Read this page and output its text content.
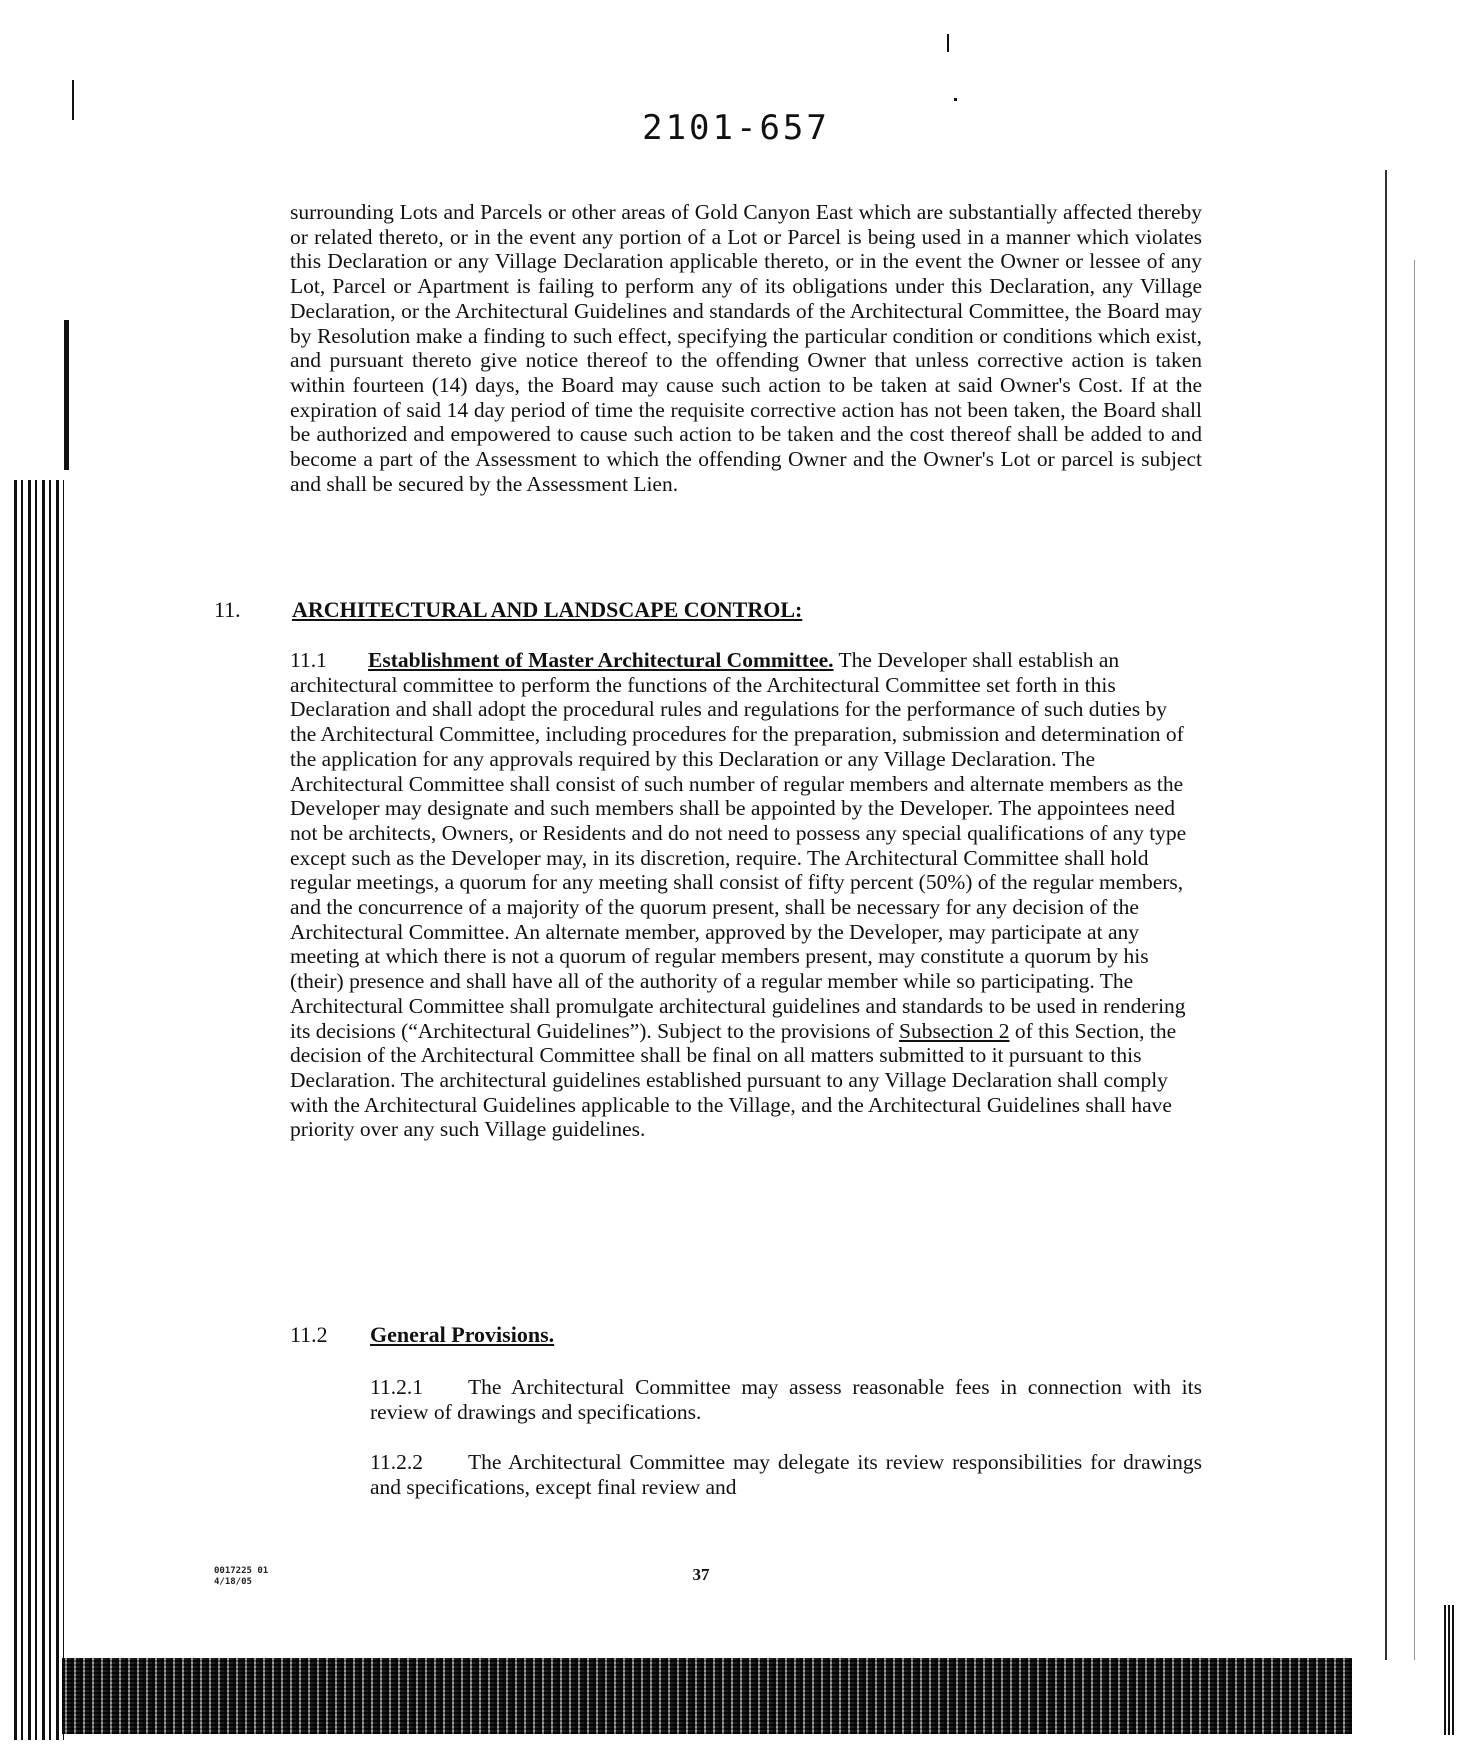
2101-657

surrounding Lots and Parcels or other areas of Gold Canyon East which are substantially affected thereby or related thereto, or in the event any portion of a Lot or Parcel is being used in a manner which violates this Declaration or any Village Declaration applicable thereto, or in the event the Owner or lessee of any Lot, Parcel or Apartment is failing to perform any of its obligations under this Declaration, any Village Declaration, or the Architectural Guidelines and standards of the Architectural Committee, the Board may by Resolution make a finding to such effect, specifying the particular condition or conditions which exist, and pursuant thereto give notice thereof to the offending Owner that unless corrective action is taken within fourteen (14) days, the Board may cause such action to be taken at said Owner's Cost. If at the expiration of said 14 day period of time the requisite corrective action has not been taken, the Board shall be authorized and empowered to cause such action to be taken and the cost thereof shall be added to and become a part of the Assessment to which the offending Owner and the Owner's Lot or parcel is subject and shall be secured by the Assessment Lien.

11. ARCHITECTURAL AND LANDSCAPE CONTROL:

11.1 Establishment of Master Architectural Committee. The Developer shall establish an architectural committee to perform the functions of the Architectural Committee set forth in this Declaration and shall adopt the procedural rules and regulations for the performance of such duties by the Architectural Committee, including procedures for the preparation, submission and determination of the application for any approvals required by this Declaration or any Village Declaration. The Architectural Committee shall consist of such number of regular members and alternate members as the Developer may designate and such members shall be appointed by the Developer. The appointees need not be architects, Owners, or Residents and do not need to possess any special qualifications of any type except such as the Developer may, in its discretion, require. The Architectural Committee shall hold regular meetings, a quorum for any meeting shall consist of fifty percent (50%) of the regular members, and the concurrence of a majority of the quorum present, shall be necessary for any decision of the Architectural Committee. An alternate member, approved by the Developer, may participate at any meeting at which there is not a quorum of regular members present, may constitute a quorum by his (their) presence and shall have all of the authority of a regular member while so participating. The Architectural Committee shall promulgate architectural guidelines and standards to be used in rendering its decisions (“Architectural Guidelines”). Subject to the provisions of Subsection 2 of this Section, the decision of the Architectural Committee shall be final on all matters submitted to it pursuant to this Declaration. The architectural guidelines established pursuant to any Village Declaration shall comply with the Architectural Guidelines applicable to the Village, and the Architectural Guidelines shall have priority over any such Village guidelines.

11.2 General Provisions.

11.2.1 The Architectural Committee may assess reasonable fees in connection with its review of drawings and specifications.

11.2.2 The Architectural Committee may delegate its review responsibilities for drawings and specifications, except final review and

0017225 01
4/18/05	37
